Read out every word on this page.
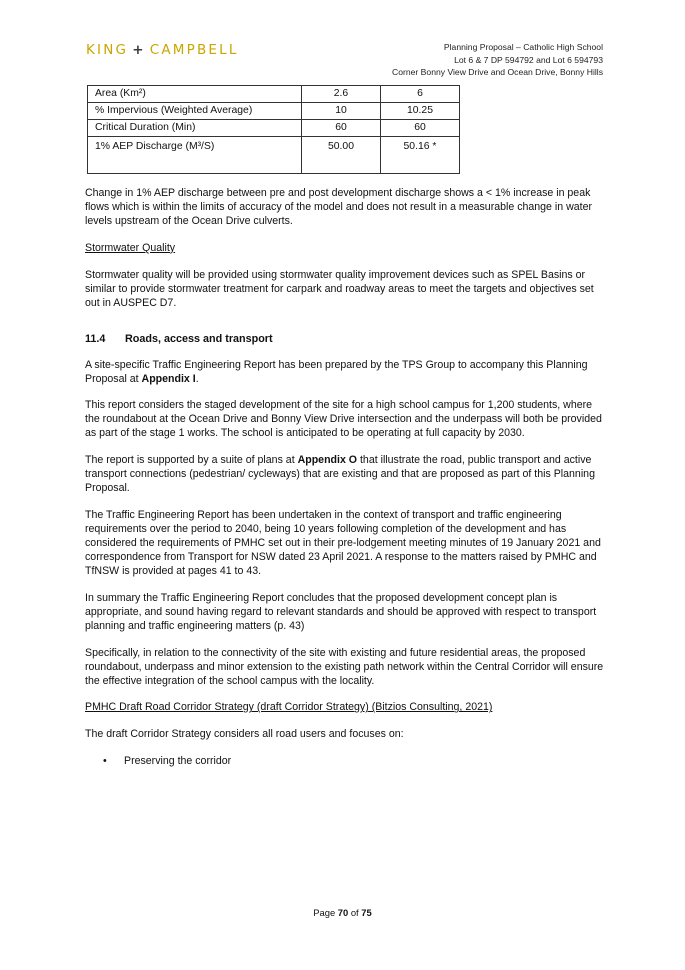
KING + CAMPBELL	Planning Proposal – Catholic High School
Lot 6 & 7 DP 594792 and Lot 6 594793
Corner Bonny View Drive and Ocean Drive, Bonny Hills
Area (Km²)	2.6	6
% Impervious (Weighted Average)	10	10.25
Critical Duration (Min)	60	60
1% AEP Discharge (M³/S)	50.00	50.16 *

Change in 1% AEP discharge between pre and post development discharge shows a < 1% increase in peak flows which is within the limits of accuracy of the model and does not result in a measurable change in water levels upstream of the Ocean Drive culverts.

Stormwater Quality

Stormwater quality will be provided using stormwater quality improvement devices such as SPEL Basins or similar to provide stormwater treatment for carpark and roadway areas to meet the targets and objectives set out in AUSPEC D7.

11.4 Roads, access and transport

A site-specific Traffic Engineering Report has been prepared by the TPS Group to accompany this Planning Proposal at Appendix I.

This report considers the staged development of the site for a high school campus for 1,200 students, where the roundabout at the Ocean Drive and Bonny View Drive intersection and the underpass will both be provided as part of the stage 1 works. The school is anticipated to be operating at full capacity by 2030.

The report is supported by a suite of plans at Appendix O that illustrate the road, public transport and active transport connections (pedestrian/ cycleways) that are existing and that are proposed as part of this Planning Proposal.

The Traffic Engineering Report has been undertaken in the context of transport and traffic engineering requirements over the period to 2040, being 10 years following completion of the development and has considered the requirements of PMHC set out in their pre-lodgement meeting minutes of 19 January 2021 and correspondence from Transport for NSW dated 23 April 2021. A response to the matters raised by PMHC and TfNSW is provided at pages 41 to 43.

In summary the Traffic Engineering Report concludes that the proposed development concept plan is appropriate, and sound having regard to relevant standards and should be approved with respect to transport planning and traffic engineering matters (p. 43)

Specifically, in relation to the connectivity of the site with existing and future residential areas, the proposed roundabout, underpass and minor extension to the existing path network within the Central Corridor will ensure the effective integration of the school campus with the locality.

PMHC Draft Road Corridor Strategy (draft Corridor Strategy) (Bitzios Consulting, 2021)

The draft Corridor Strategy considers all road users and focuses on:

• Preserving the corridor
Page 70 of 75
